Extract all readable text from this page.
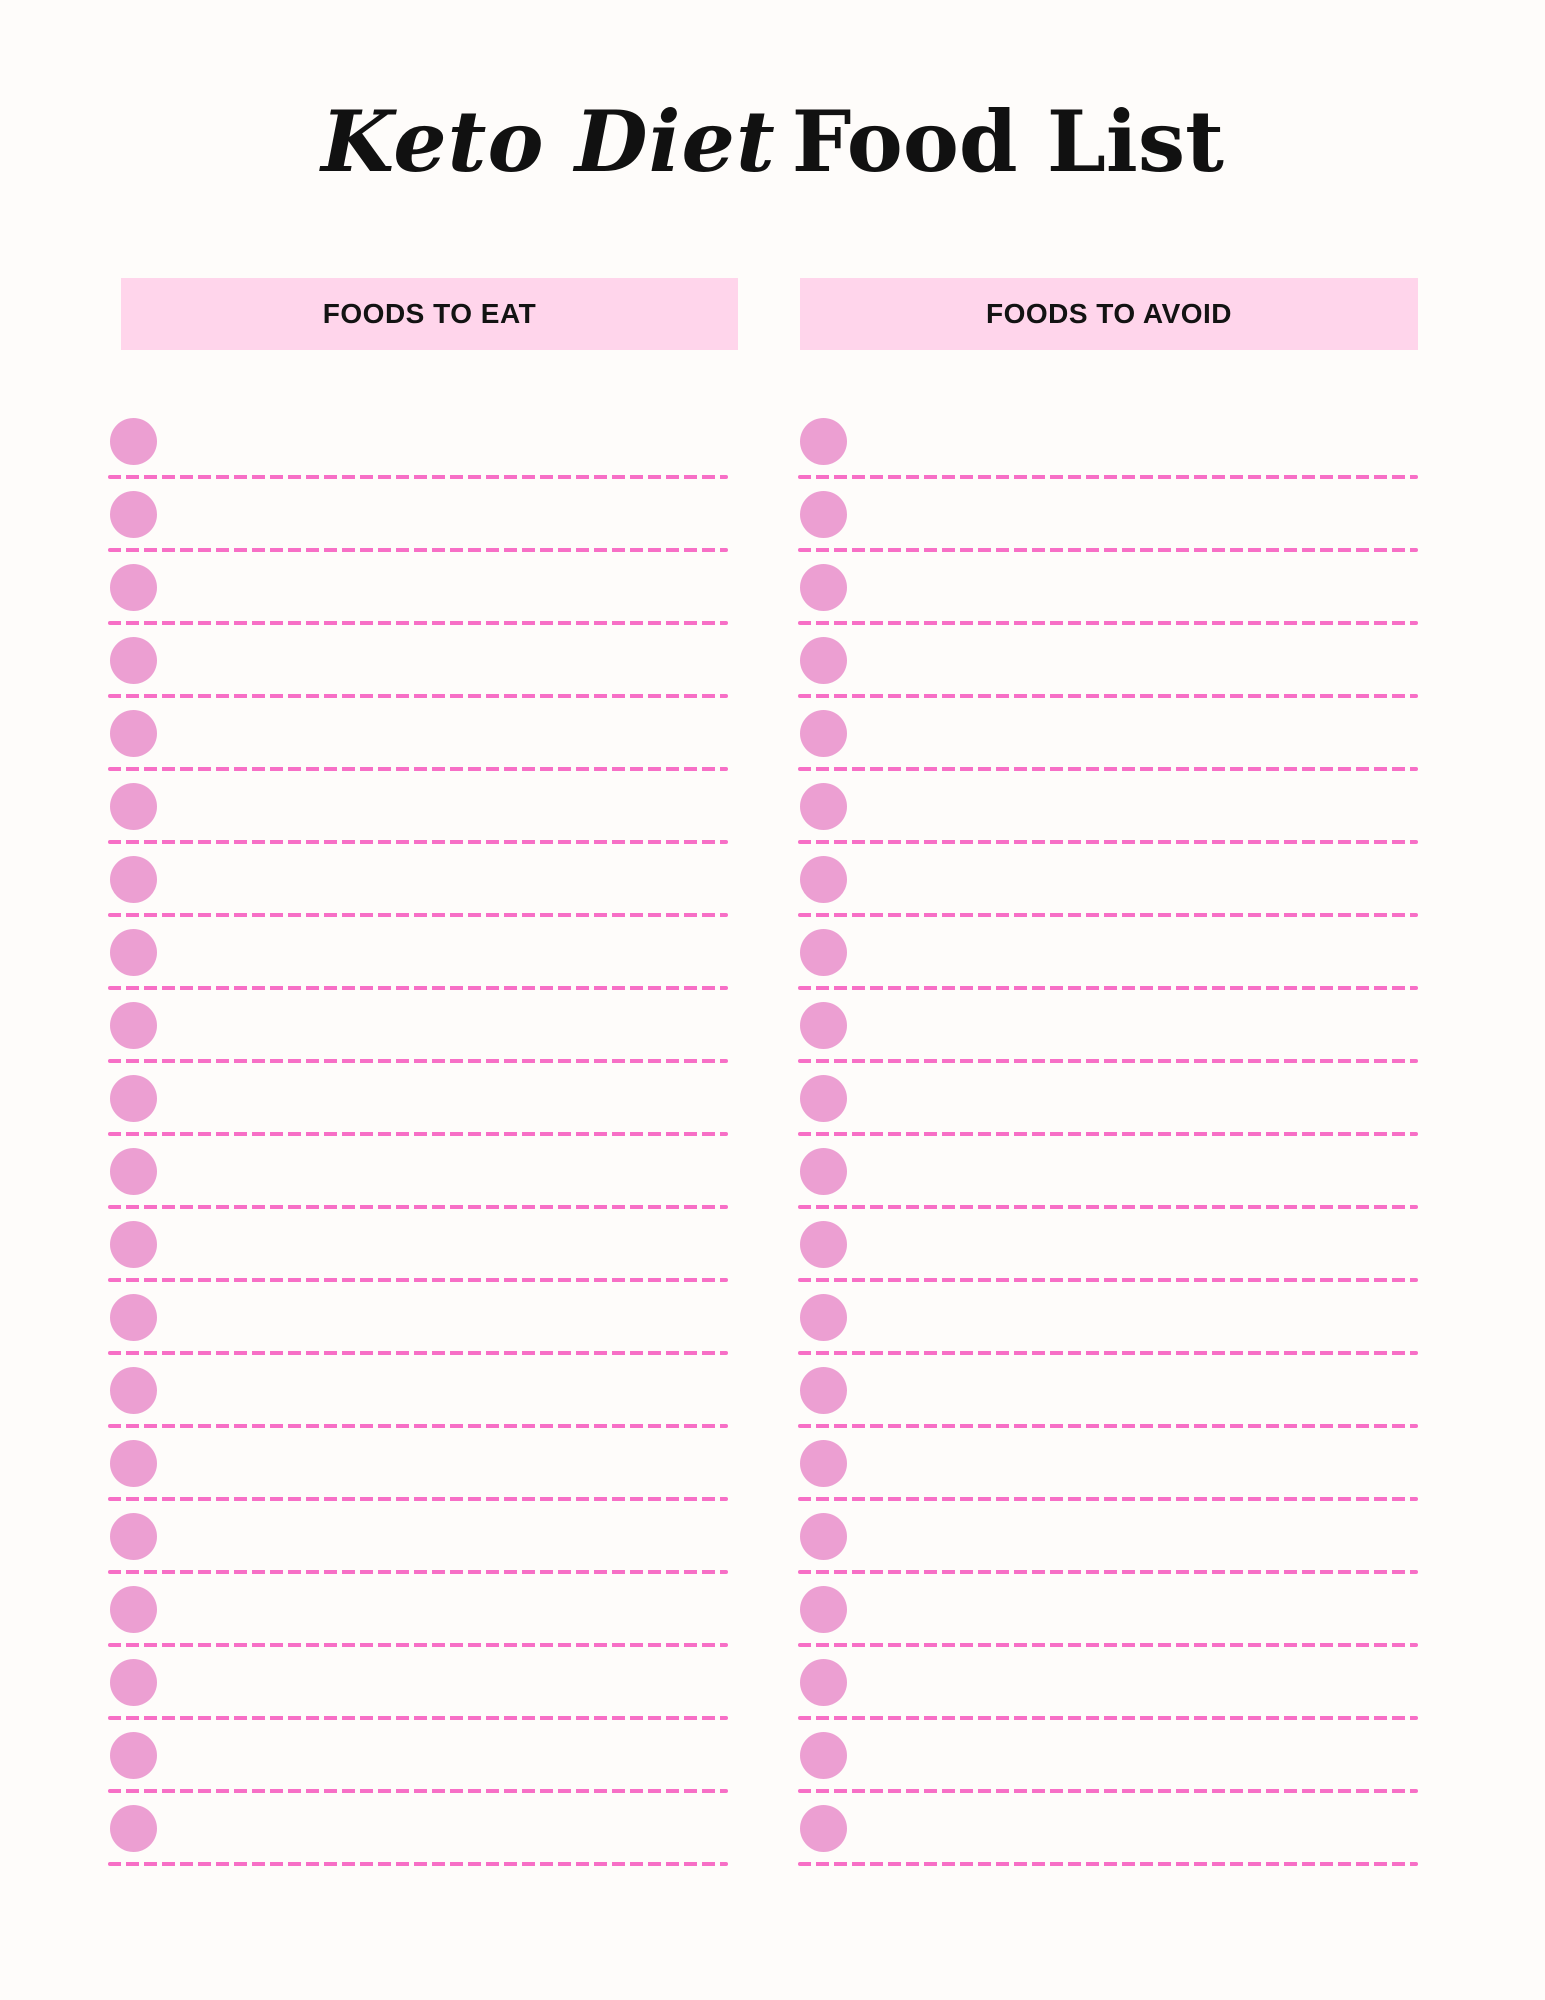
Keto Diet Food List
FOODS TO EAT	FOODS TO AVOID
